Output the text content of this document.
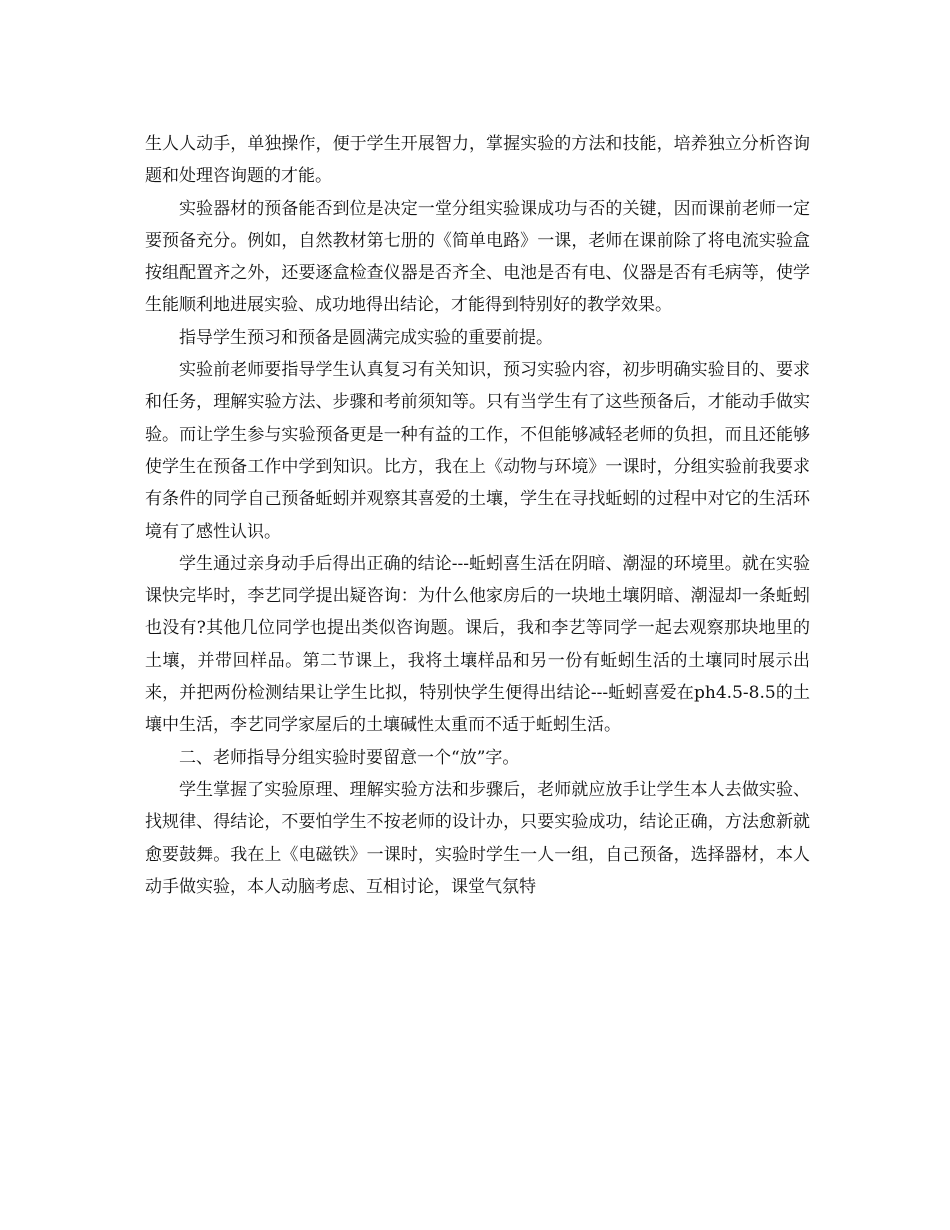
生人人动手，单独操作，便于学生开展智力，掌握实验的方法和技能，培养独立分析咨询题和处理咨询题的才能。

实验器材的预备能否到位是决定一堂分组实验课成功与否的关键，因而课前老师一定要预备充分。例如，自然教材第七册的《简单电路》一课，老师在课前除了将电流实验盒按组配置齐之外，还要逐盒检查仪器是否齐全、电池是否有电、仪器是否有毛病等，使学生能顺利地进展实验、成功地得出结论，才能得到特别好的教学效果。

指导学生预习和预备是圆满完成实验的重要前提。

实验前老师要指导学生认真复习有关知识，预习实验内容，初步明确实验目的、要求和任务，理解实验方法、步骤和考前须知等。只有当学生有了这些预备后，才能动手做实验。而让学生参与实验预备更是一种有益的工作，不但能够减轻老师的负担，而且还能够使学生在预备工作中学到知识。比方，我在上《动物与环境》一课时，分组实验前我要求有条件的同学自己预备蚯蚓并观察其喜爱的土壤，学生在寻找蚯蚓的过程中对它的生活环境有了感性认识。

学生通过亲身动手后得出正确的结论---蚯蚓喜生活在阴暗、潮湿的环境里。就在实验课快完毕时，李艺同学提出疑咨询：为什么他家房后的一块地土壤阴暗、潮湿却一条蚯蚓也没有?其他几位同学也提出类似咨询题。课后，我和李艺等同学一起去观察那块地里的土壤，并带回样品。第二节课上，我将土壤样品和另一份有蚯蚓生活的土壤同时展示出来，并把两份检测结果让学生比拟，特别快学生便得出结论---蚯蚓喜爱在ph4.5-8.5的土壤中生活，李艺同学家屋后的土壤碱性太重而不适于蚯蚓生活。

二、老师指导分组实验时要留意一个“放”字。

学生掌握了实验原理、理解实验方法和步骤后，老师就应放手让学生本人去做实验、找规律、得结论，不要怕学生不按老师的设计办，只要实验成功，结论正确，方法愈新就愈要鼓舞。我在上《电磁铁》一课时，实验时学生一人一组，自己预备，选择器材，本人动手做实验，本人动脑考虑、互相讨论，课堂气氛特
